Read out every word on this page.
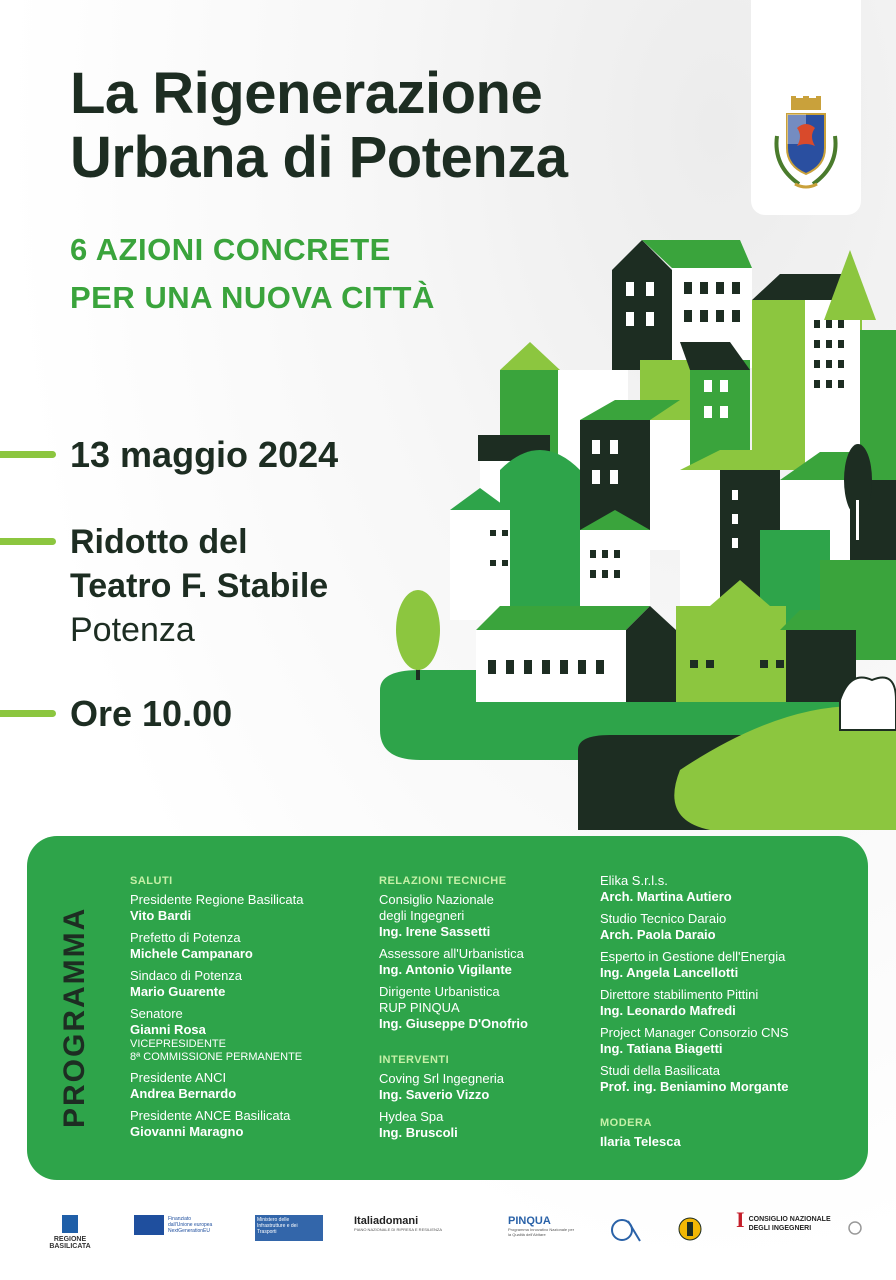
La Rigenerazione
Urbana di Potenza
6 AZIONI CONCRETE
PER UNA NUOVA CITTÀ
13 maggio 2024
Ridotto del
Teatro F. Stabile
Potenza
Ore 10.00
PROGRAMMA
SALUTI
Presidente Regione Basilicata
Vito Bardi
Prefetto di Potenza
Michele Campanaro
Sindaco di Potenza
Mario Guarente
Senatore
Gianni Rosa
VICEPRESIDENTE
8ª COMMISSIONE PERMANENTE
Presidente ANCI
Andrea Bernardo
Presidente ANCE Basilicata
Giovanni Maragno
RELAZIONI TECNICHE
Consiglio Nazionale
degli Ingegneri
Ing. Irene Sassetti
Assessore all'Urbanistica
Ing. Antonio Vigilante
Dirigente Urbanistica
RUP PINQUA
Ing. Giuseppe D'Onofrio
INTERVENTI
Coving Srl Ingegneria
Ing. Saverio Vizzo
Hydea Spa
Ing. Bruscoli
Elika S.r.l.s.
Arch. Martina Autiero
Studio Tecnico Daraio
Arch. Paola Daraio
Esperto in Gestione dell'Energia
Ing. Angela Lancellotti
Direttore stabilimento Pittini
Ing. Leonardo Mafredi
Project Manager Consorzio CNS
Ing. Tatiana Biagetti
Studi della Basilicata
Prof. ing. Beniamino Morgante
MODERA
Ilaria Telesca
REGIONE BASILICATA
Finanziato
dall'Unione europea
NextGenerationEU
Ministero delle
Infrastrutture e dei
Trasporti
Italiadomani
PIANO NAZIONALE DI RIPRESA E RESILIENZA
PINQUA
Programma Innovativo Nazionale per la Qualità dell'Abitare
I CONSIGLIO NAZIONALE
DEGLI INGEGNERI
